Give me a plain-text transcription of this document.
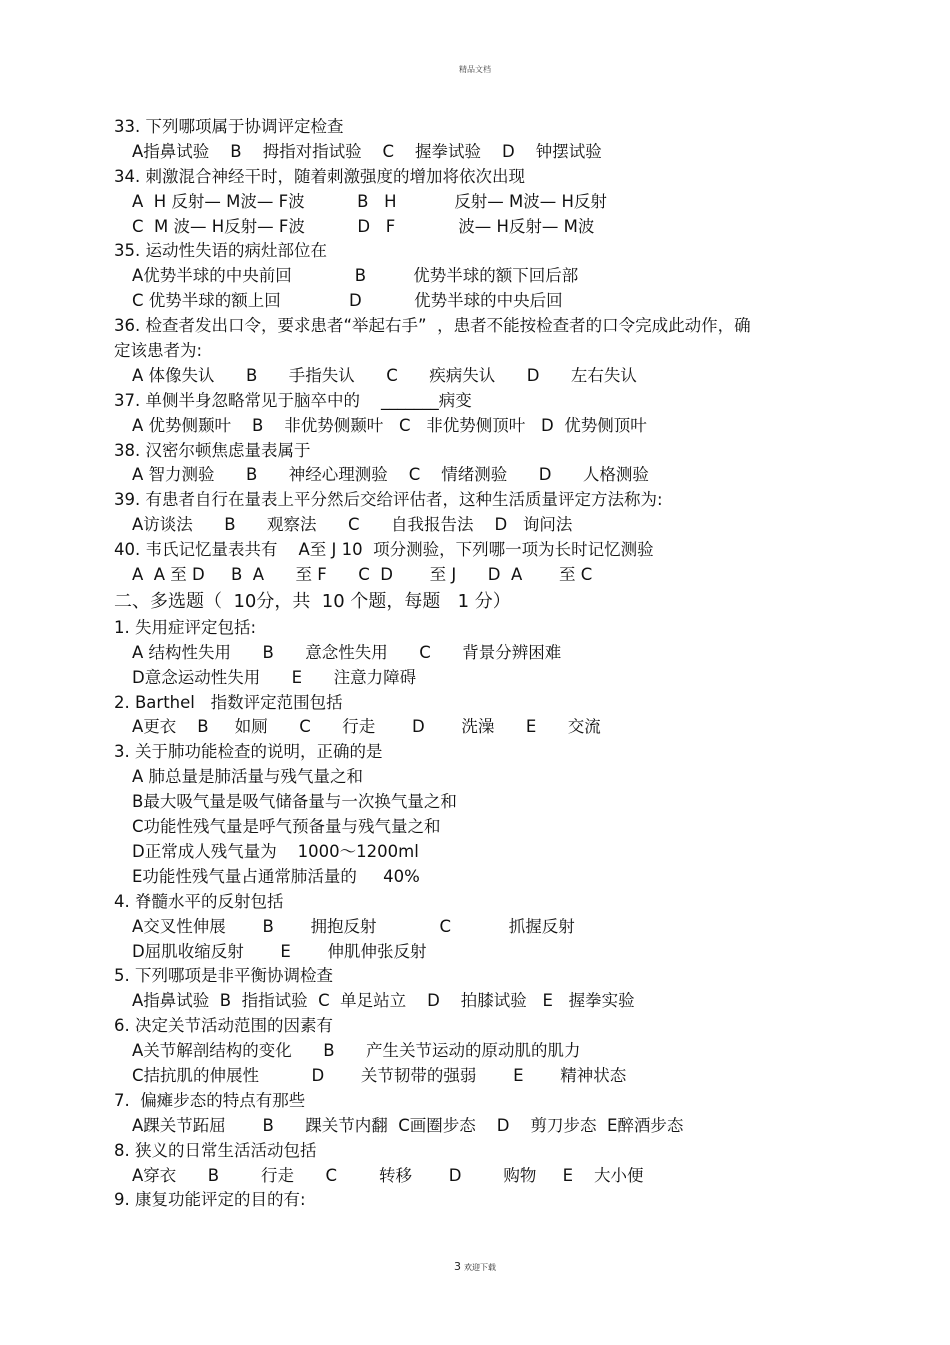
精品文档
33. 下列哪项属于协调评定检查
A指鼻试验    B    拇指对指试验    C    握拳试验    D    钟摆试验
34. 刺激混合神经干时，随着刺激强度的增加将依次出现
A  H 反射— M波— F波          B   H           反射— M波— H反射
C  M 波— H反射— F波          D   F            波— H反射— M波
35. 运动性失语的病灶部位在
A优势半球的中央前回            B         优势半球的额下回后部
C 优势半球的额上回             D          优势半球的中央后回
36. 检查者发出口令，要求患者“举起右手”  ，患者不能按检查者的口令完成此动作，确
定该患者为:
A 体像失认      B      手指失认      C      疾病失认      D      左右失认
37. 单侧半身忽略常见于脑卒中的    _______病变
A 优势侧颞叶    B    非优势侧颞叶   C   非优势侧顶叶   D  优势侧顶叶
38. 汉密尔顿焦虑量表属于
A 智力测验      B      神经心理测验    C    情绪测验      D      人格测验
39. 有患者自行在量表上平分然后交给评估者，这种生活质量评定方法称为:
A访谈法      B      观察法      C      自我报告法    D   询问法
40. 韦氏记忆量表共有    A至 J 10  项分测验，下列哪一项为长时记忆测验
A  A 至 D     B  A      至 F      C  D       至 J      D  A       至 C
二、多选题（  10分，共  10 个题，每题   1 分）
1. 失用症评定包括:
A 结构性失用      B      意念性失用      C      背景分辨困难
D意念运动性失用      E      注意力障碍
2. Barthel   指数评定范围包括
A更衣    B     如厕      C      行走       D       洗澡      E      交流
3. 关于肺功能检查的说明，正确的是
A 肺总量是肺活量与残气量之和
B最大吸气量是吸气储备量与一次换气量之和
C功能性残气量是呼气预备量与残气量之和
D正常成人残气量为    1000～1200ml
E功能性残气量占通常肺活量的     40%
4. 脊髓水平的反射包括
A交叉性伸展       B       拥抱反射            C           抓握反射
D屈肌收缩反射       E       伸肌伸张反射
5. 下列哪项是非平衡协调检查
A指鼻试验  B  指指试验  C  单足站立    D    拍膝试验   E   握拳实验
6. 决定关节活动范围的因素有
A关节解剖结构的变化      B      产生关节运动的原动肌的肌力
C拮抗肌的伸展性          D       关节韧带的强弱       E       精神状态
7.  偏瘫步态的特点有那些
A踝关节跖屈       B      踝关节内翻  C画圈步态    D    剪刀步态  E醉酒步态
8. 狭义的日常生活活动包括
A穿衣      B        行走      C        转移       D        购物     E    大小便
9. 康复功能评定的目的有:
3 欢迎下载
